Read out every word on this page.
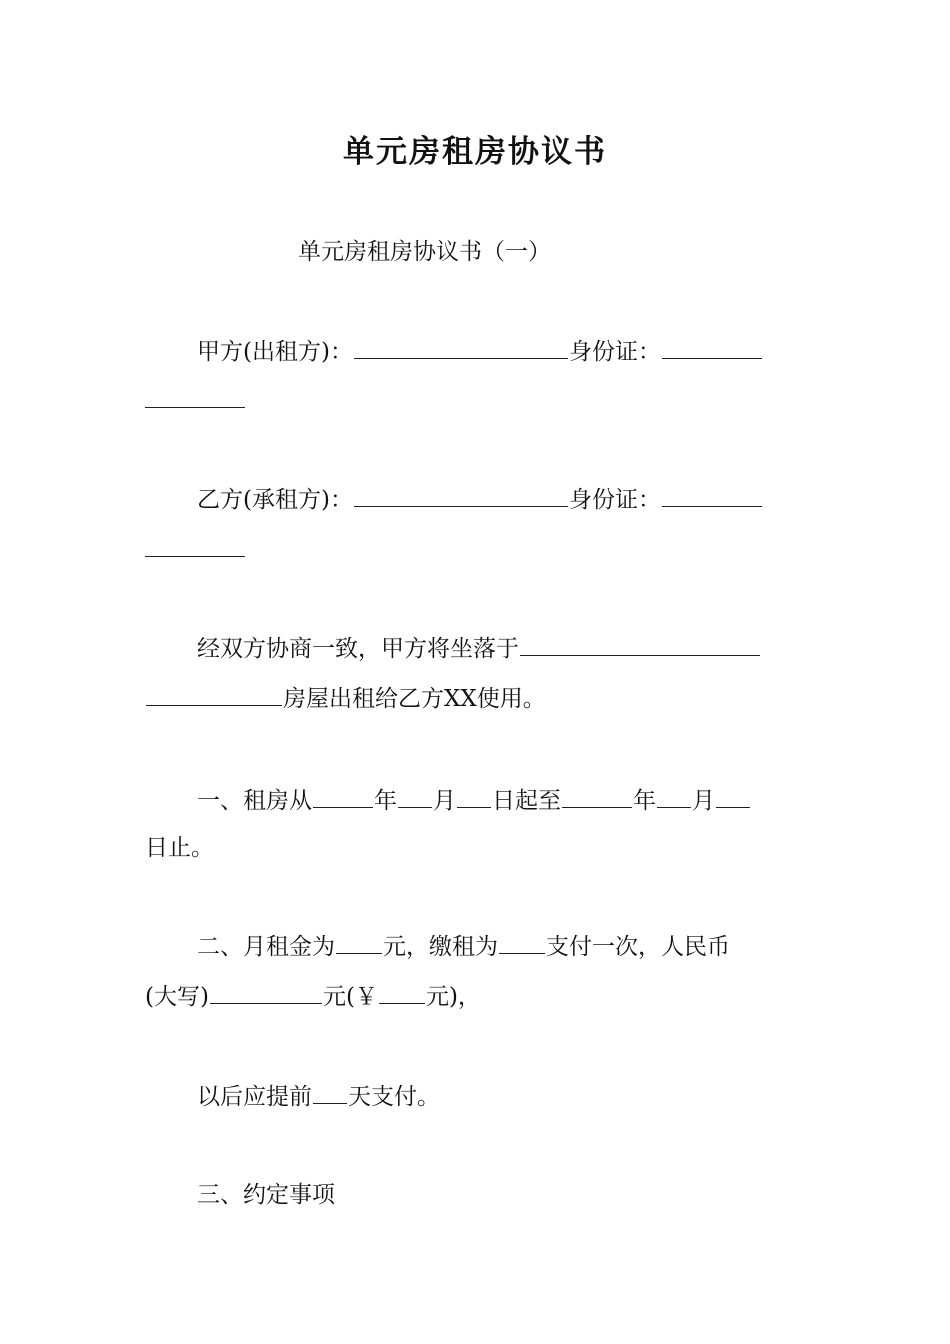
单元房租房协议书
单元房租房协议书（一）
甲方(出租方)：	身份证：
乙方(承租方)：	身份证：
经双方协商一致，甲方将坐落于
房屋出租给乙方XX使用。
一、租房从	年 月 日起至	年 月
日止。
二、月租金为 元，缴租为 支付一次，人民币
(大写)	元(￥ 元)，
以后应提前 天支付。
三、约定事项
